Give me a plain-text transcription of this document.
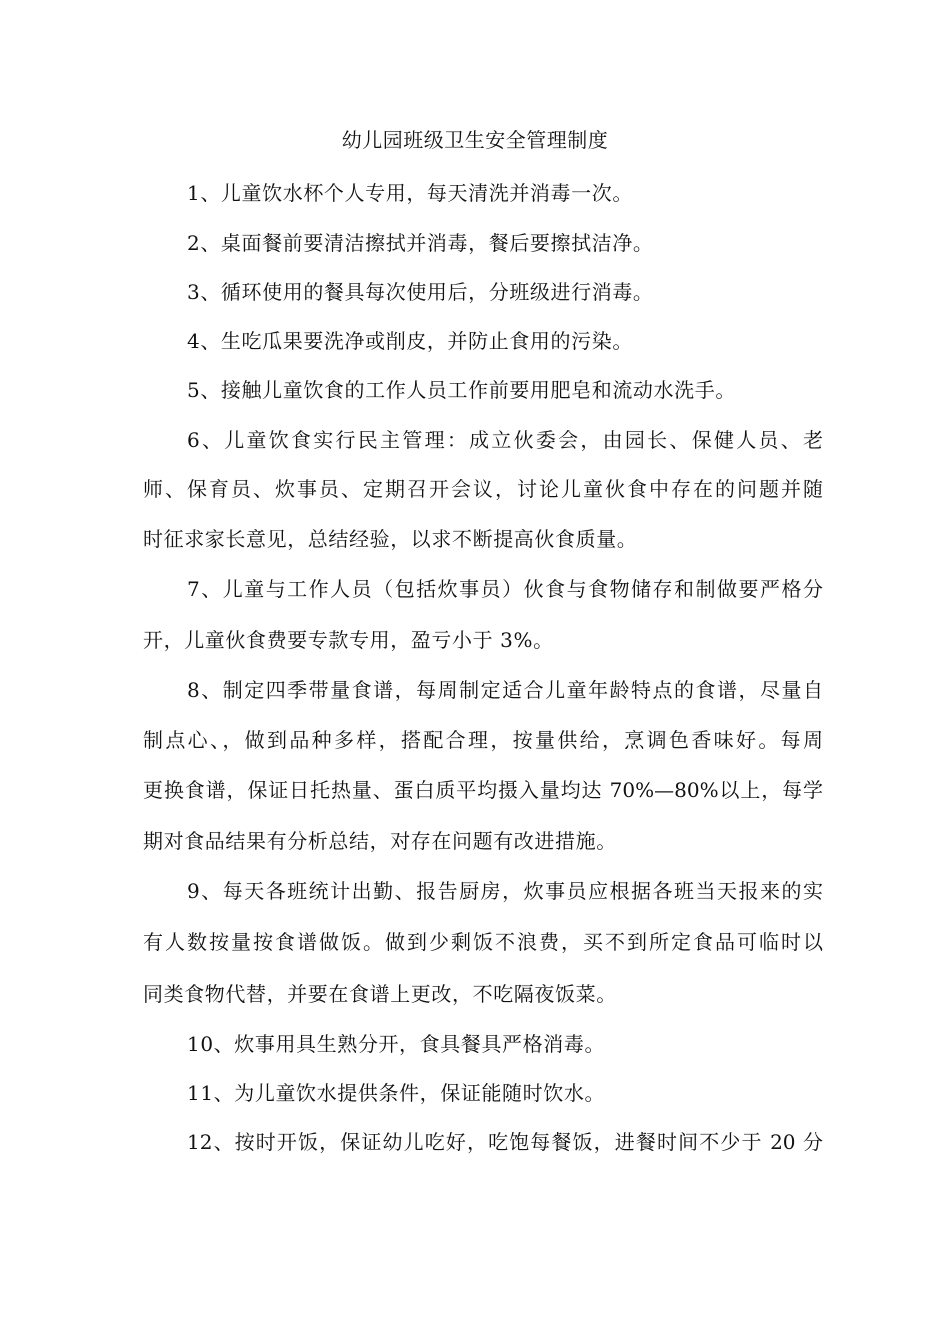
幼儿园班级卫生安全管理制度
1、儿童饮水杯个人专用，每天清洗并消毒一次。
2、桌面餐前要清洁擦拭并消毒，餐后要擦拭洁净。
3、循环使用的餐具每次使用后，分班级进行消毒。
4、生吃瓜果要洗净或削皮，并防止食用的污染。
5、接触儿童饮食的工作人员工作前要用肥皂和流动水洗手。
6、儿童饮食实行民主管理：成立伙委会，由园长、保健人员、老
师、保育员、炊事员、定期召开会议，讨论儿童伙食中存在的问题并随
时征求家长意见，总结经验，以求不断提高伙食质量。
7、儿童与工作人员（包括炊事员）伙食与食物储存和制做要严格分
开，儿童伙食费要专款专用，盈亏小于 3%。
8、制定四季带量食谱，每周制定适合儿童年龄特点的食谱，尽量自
制点心、，做到品种多样，搭配合理，按量供给，烹调色香味好。每周
更换食谱，保证日托热量、蛋白质平均摄入量均达 70%—80%以上，每学
期对食品结果有分析总结，对存在问题有改进措施。
9、每天各班统计出勤、报告厨房，炊事员应根据各班当天报来的实
有人数按量按食谱做饭。做到少剩饭不浪费，买不到所定食品可临时以
同类食物代替，并要在食谱上更改，不吃隔夜饭菜。
10、炊事用具生熟分开，食具餐具严格消毒。
11、为儿童饮水提供条件，保证能随时饮水。
12、按时开饭，保证幼儿吃好，吃饱每餐饭，进餐时间不少于 20 分
